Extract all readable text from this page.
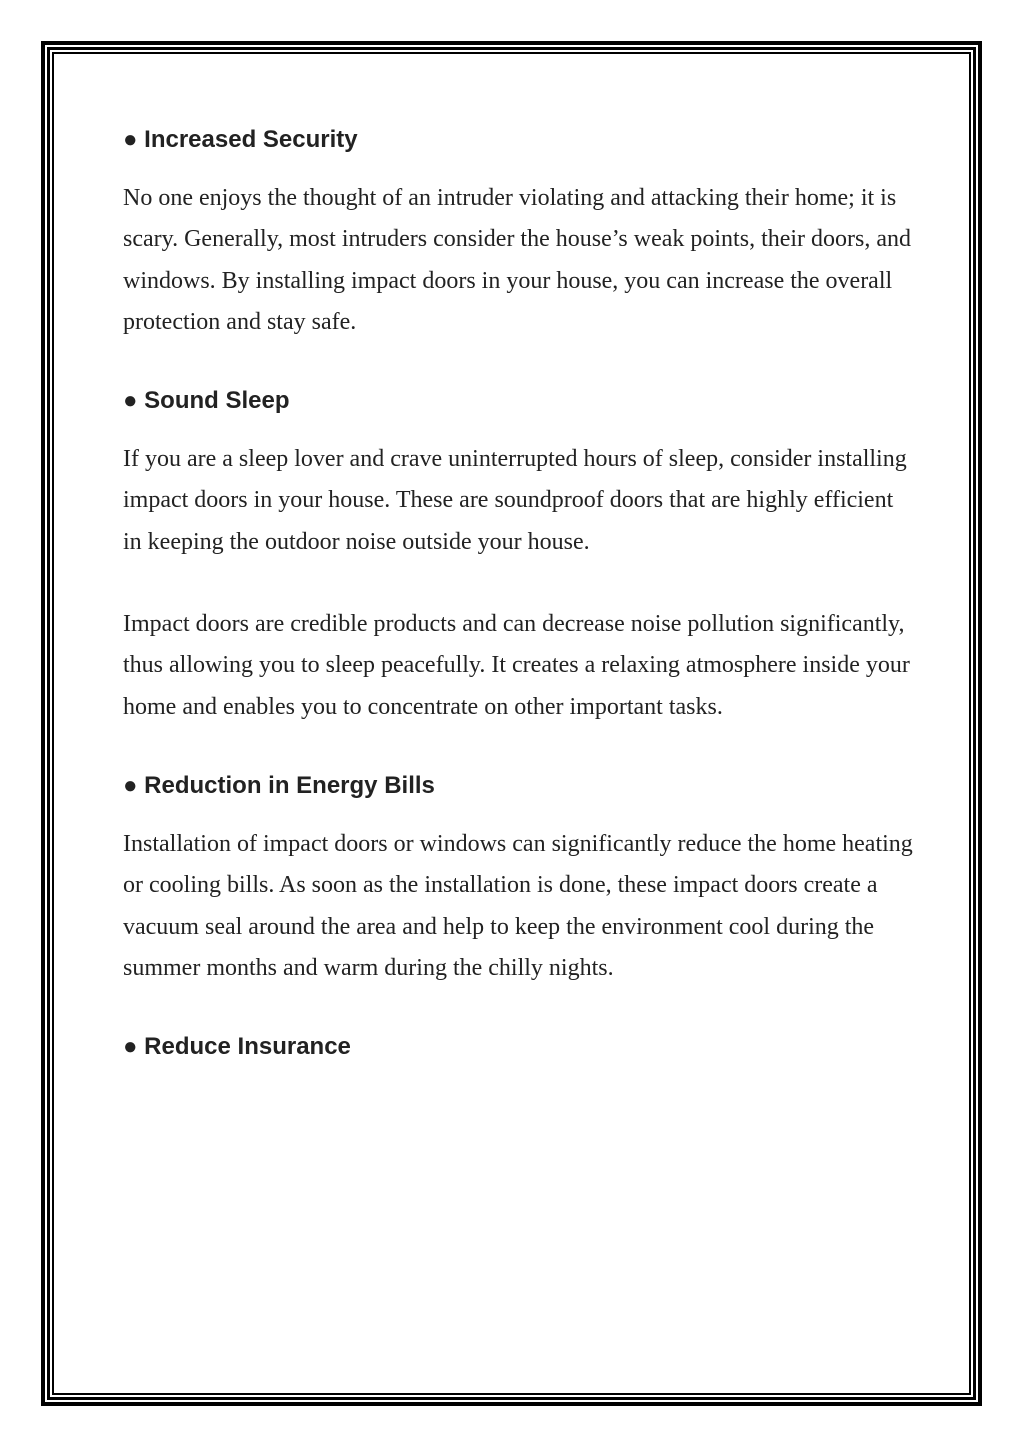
● Increased Security

No one enjoys the thought of an intruder violating and attacking their home; it is scary. Generally, most intruders consider the house’s weak points, their doors, and windows. By installing impact doors in your house, you can increase the overall protection and stay safe.

● Sound Sleep

If you are a sleep lover and crave uninterrupted hours of sleep, consider installing impact doors in your house. These are soundproof doors that are highly efficient in keeping the outdoor noise outside your house.

Impact doors are credible products and can decrease noise pollution significantly, thus allowing you to sleep peacefully. It creates a relaxing atmosphere inside your home and enables you to concentrate on other important tasks.

● Reduction in Energy Bills

Installation of impact doors or windows can significantly reduce the home heating or cooling bills. As soon as the installation is done, these impact doors create a vacuum seal around the area and help to keep the environment cool during the summer months and warm during the chilly nights.

● Reduce Insurance
